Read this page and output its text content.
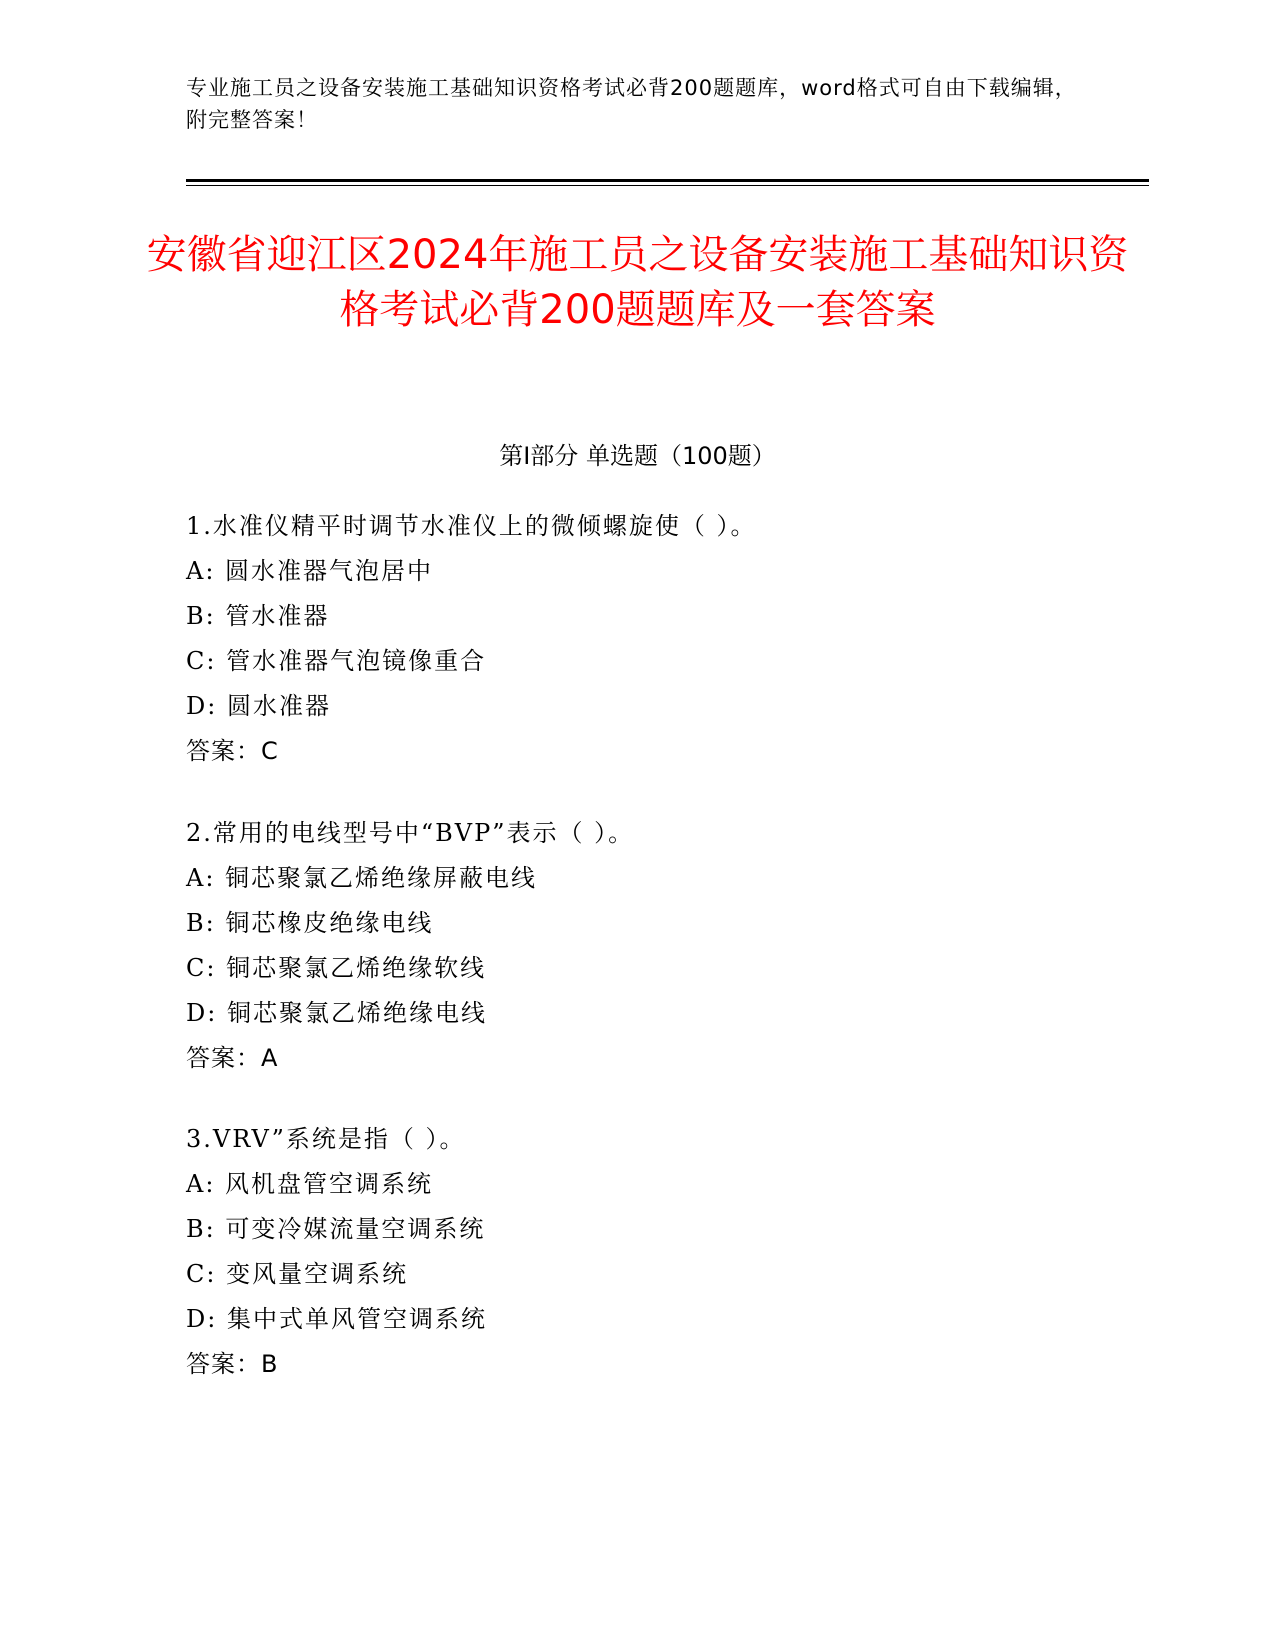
专业施工员之设备安装施工基础知识资格考试必背200题题库，word格式可自由下载编辑，附完整答案！
安徽省迎江区2024年施工员之设备安装施工基础知识资格考试必背200题题库及一套答案
第I部分 单选题（100题）
1.水准仪精平时调节水准仪上的微倾螺旋使（ ）。
A: 圆水准器气泡居中
B: 管水准器
C: 管水准器气泡镜像重合
D: 圆水准器
答案：C
2.常用的电线型号中“BVP”表示（ ）。
A: 铜芯聚氯乙烯绝缘屏蔽电线
B: 铜芯橡皮绝缘电线
C: 铜芯聚氯乙烯绝缘软线
D: 铜芯聚氯乙烯绝缘电线
答案：A
3.VRV”系统是指（ ）。
A: 风机盘管空调系统
B: 可变冷媒流量空调系统
C: 变风量空调系统
D: 集中式单风管空调系统
答案：B
